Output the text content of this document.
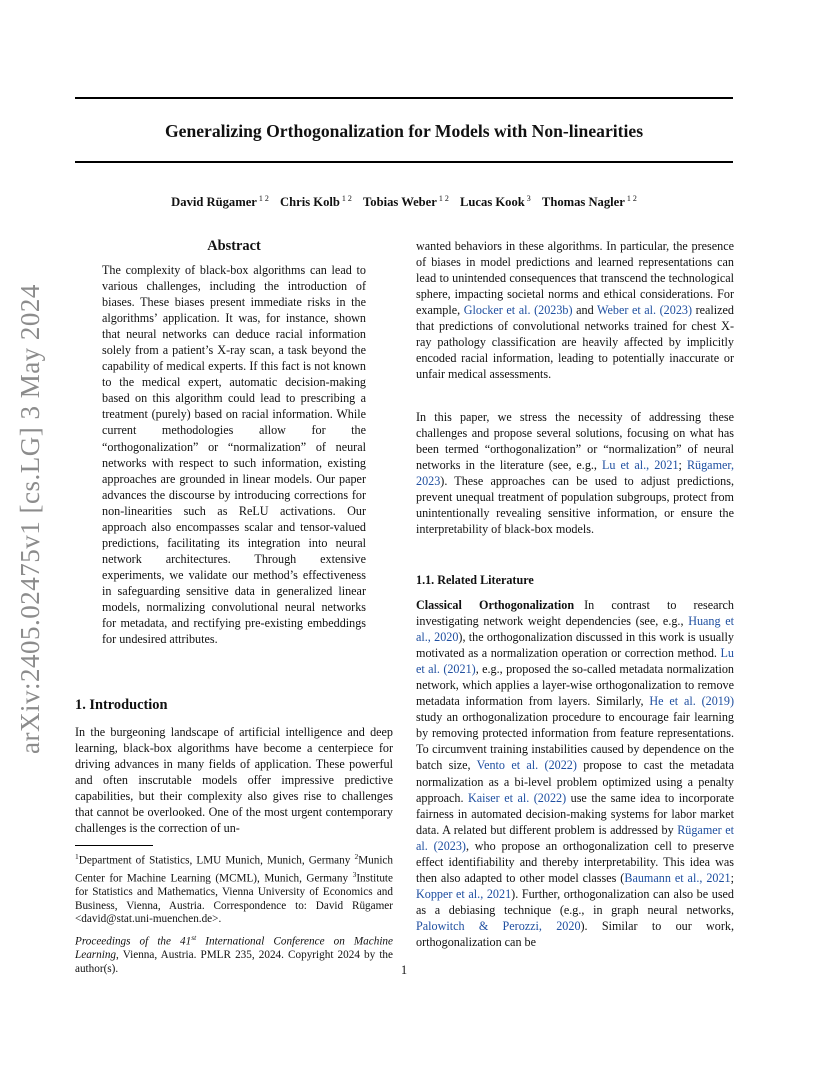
Generalizing Orthogonalization for Models with Non-linearities
David Rügamer $^{1 2}$ Chris Kolb $^{1 2}$ Tobias Weber $^{1 2}$ Lucas Kook $^3$ Thomas Nagler $^{1 2}$
arXiv:2405.02475v1 [cs.LG] 3 May 2024
Abstract
The complexity of black-box algorithms can lead to various challenges, including the introduction of biases. These biases present immediate risks in the algorithms’ application. It was, for instance, shown that neural networks can deduce racial information solely from a patient’s X-ray scan, a task beyond the capability of medical experts. If this fact is not known to the medical expert, automatic decision-making based on this algorithm could lead to prescribing a treatment (purely) based on racial information. While current methodologies allow for the “orthogonalization” or “normalization” of neural networks with respect to such information, existing approaches are grounded in linear models. Our paper advances the discourse by introducing corrections for non-linearities such as ReLU activations. Our approach also encompasses scalar and tensor-valued predictions, facilitating its integration into neural network architectures. Through extensive experiments, we validate our method’s effectiveness in safeguarding sensitive data in generalized linear models, normalizing convolutional neural networks for metadata, and rectifying pre-existing embeddings for undesired attributes.
1. Introduction
In the burgeoning landscape of artificial intelligence and deep learning, black-box algorithms have become a centerpiece for driving advances in many fields of application. These powerful and often inscrutable models offer impressive predictive capabilities, but their complexity also gives rise to challenges that cannot be overlooked. One of the most urgent contemporary challenges is the correction of un-
$^1$Department of Statistics, LMU Munich, Munich, Germany $^2$Munich Center for Machine Learning (MCML), Munich, Germany $^3$Institute for Statistics and Mathematics, Vienna University of Economics and Business, Vienna, Austria. Correspondence to: David Rügamer <david@stat.uni-muenchen.de>.
Proceedings of the 41st International Conference on Machine Learning, Vienna, Austria. PMLR 235, 2024. Copyright 2024 by the author(s).
wanted behaviors in these algorithms. In particular, the presence of biases in model predictions and learned representations can lead to unintended consequences that transcend the technological sphere, impacting societal norms and ethical considerations. For example, Glocker et al. (2023b) and Weber et al. (2023) realized that predictions of convolutional networks trained for chest X-ray pathology classification are heavily affected by implicitly encoded racial information, leading to potentially inaccurate or unfair medical assessments.
In this paper, we stress the necessity of addressing these challenges and propose several solutions, focusing on what has been termed “orthogonalization” or “normalization” of neural networks in the literature (see, e.g., Lu et al., 2021; Rügamer, 2023). These approaches can be used to adjust predictions, prevent unequal treatment of population subgroups, protect from unintentionally revealing sensitive information, or ensure the interpretability of black-box models.
1.1. Related Literature
Classical Orthogonalization In contrast to research investigating network weight dependencies (see, e.g., Huang et al., 2020), the orthogonalization discussed in this work is usually motivated as a normalization operation or correction method. Lu et al. (2021), e.g., proposed the so-called metadata normalization network, which applies a layer-wise orthogonalization to remove metadata information from layers. Similarly, He et al. (2019) study an orthogonalization procedure to encourage fair learning by removing protected information from feature representations. To circumvent training instabilities caused by dependence on the batch size, Vento et al. (2022) propose to cast the metadata normalization as a bi-level problem optimized using a penalty approach. Kaiser et al. (2022) use the same idea to incorporate fairness in automated decision-making systems for labor market data. A related but different problem is addressed by Rügamer et al. (2023), who propose an orthogonalization cell to preserve effect identifiability and thereby interpretability. This idea was then also adapted to other model classes (Baumann et al., 2021; Kopper et al., 2021). Further, orthogonalization can also be used as a debiasing technique (e.g., in graph neural networks, Palowitch & Perozzi, 2020). Similar to our work, orthogonalization can be
1
